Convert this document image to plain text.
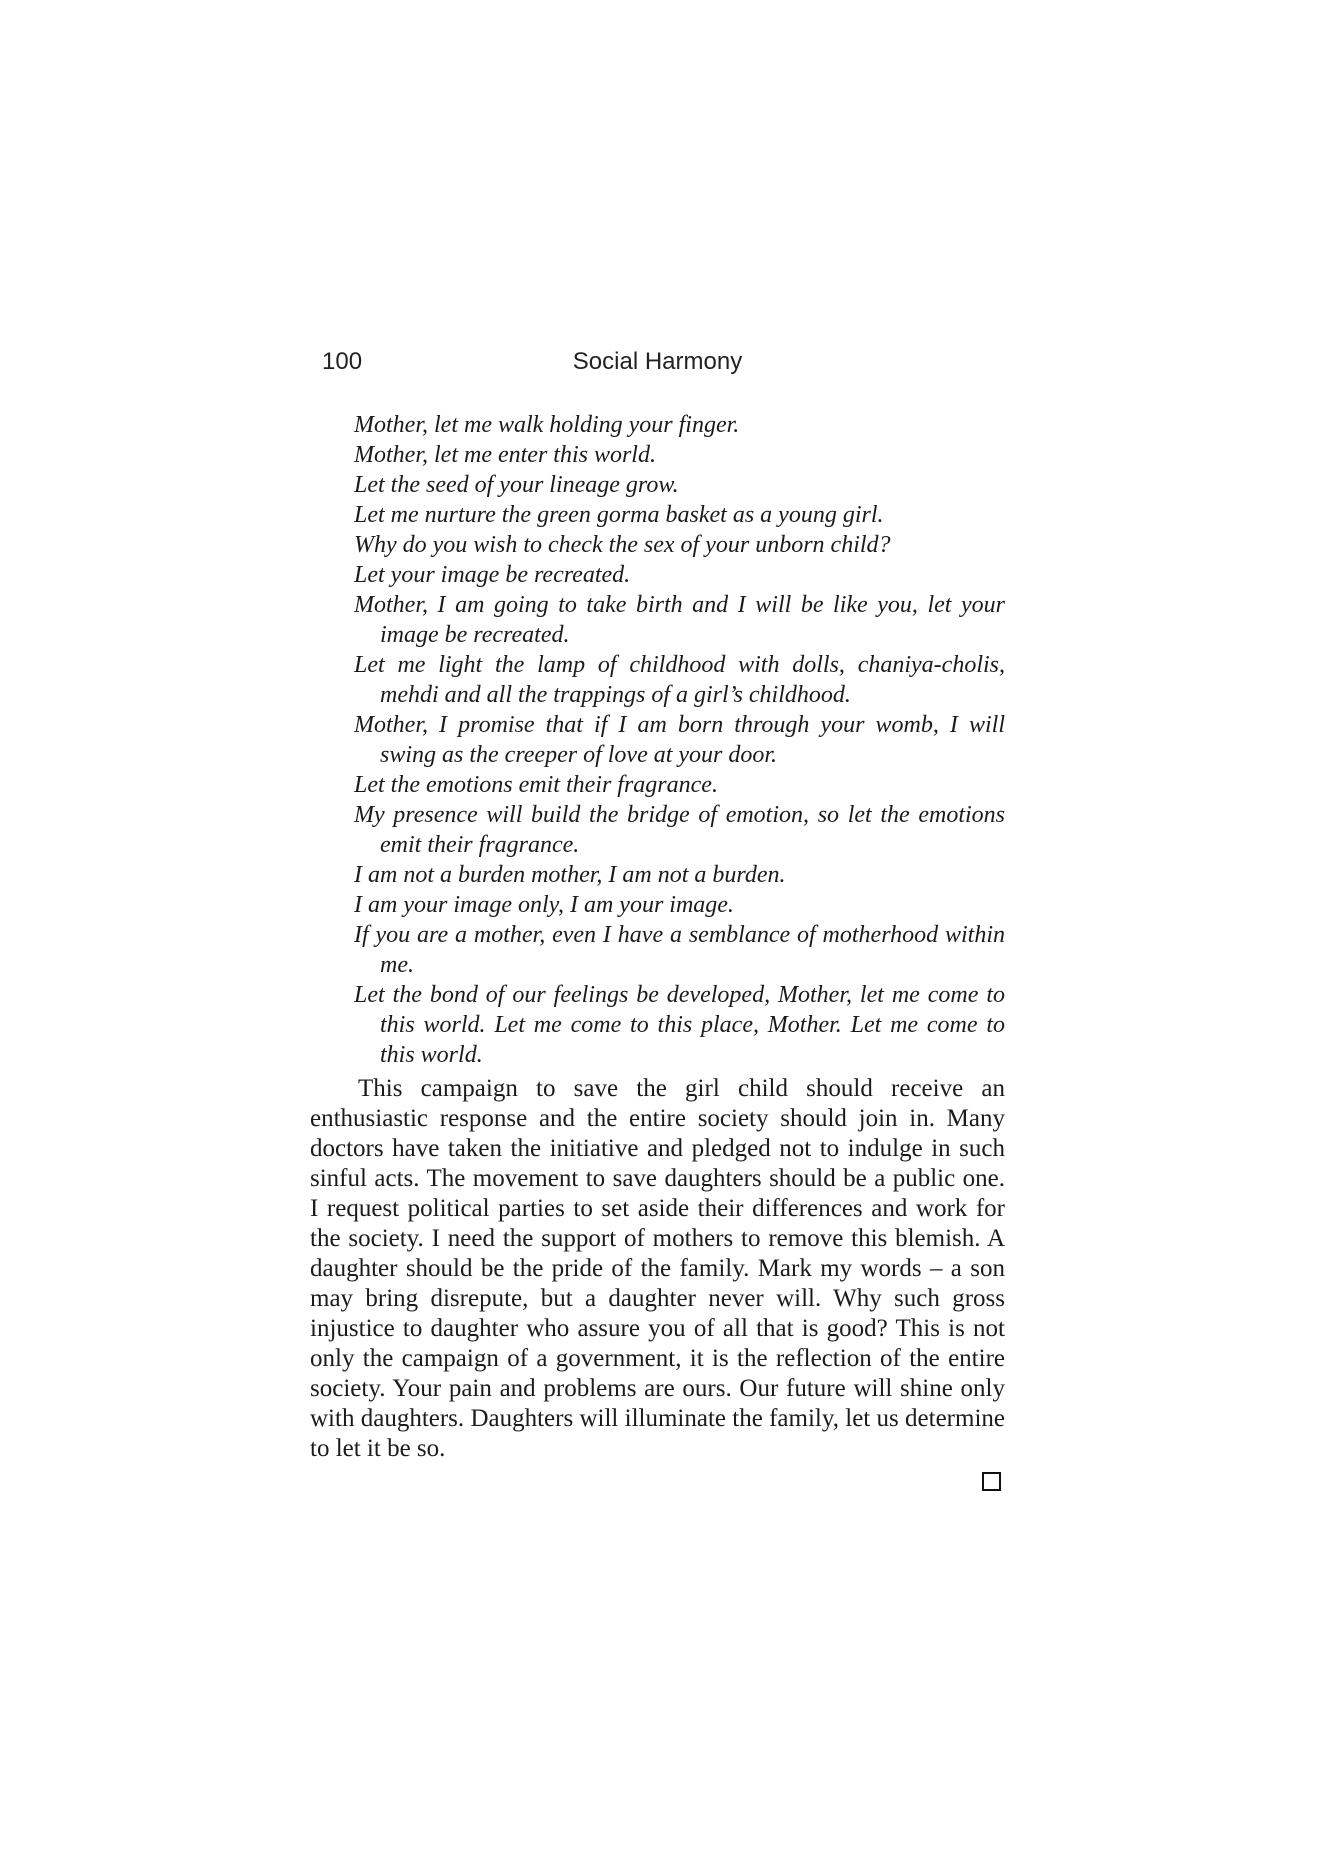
100	Social Harmony
Mother, let me walk holding your finger.
Mother, let me enter this world.
Let the seed of your lineage grow.
Let me nurture the green gorma basket as a young girl.
Why do you wish to check the sex of your unborn child?
Let your image be recreated.
Mother, I am going to take birth and I will be like you, let your image be recreated.
Let me light the lamp of childhood with dolls, chaniya-cholis, mehdi and all the trappings of a girl’s childhood.
Mother, I promise that if I am born through your womb, I will swing as the creeper of love at your door.
Let the emotions emit their fragrance.
My presence will build the bridge of emotion, so let the emotions emit their fragrance.
I am not a burden mother, I am not a burden.
I am your image only, I am your image.
If you are a mother, even I have a semblance of motherhood within me.
Let the bond of our feelings be developed, Mother, let me come to this world. Let me come to this place, Mother. Let me come to this world.

This campaign to save the girl child should receive an enthusiastic response and the entire society should join in. Many doctors have taken the initiative and pledged not to indulge in such sinful acts. The movement to save daughters should be a public one. I request political parties to set aside their differences and work for the society. I need the support of mothers to remove this blemish. A daughter should be the pride of the family. Mark my words – a son may bring disrepute, but a daughter never will. Why such gross injustice to daughter who assure you of all that is good? This is not only the campaign of a government, it is the reflection of the entire society. Your pain and problems are ours. Our future will shine only with daughters. Daughters will illuminate the family, let us determine to let it be so.
